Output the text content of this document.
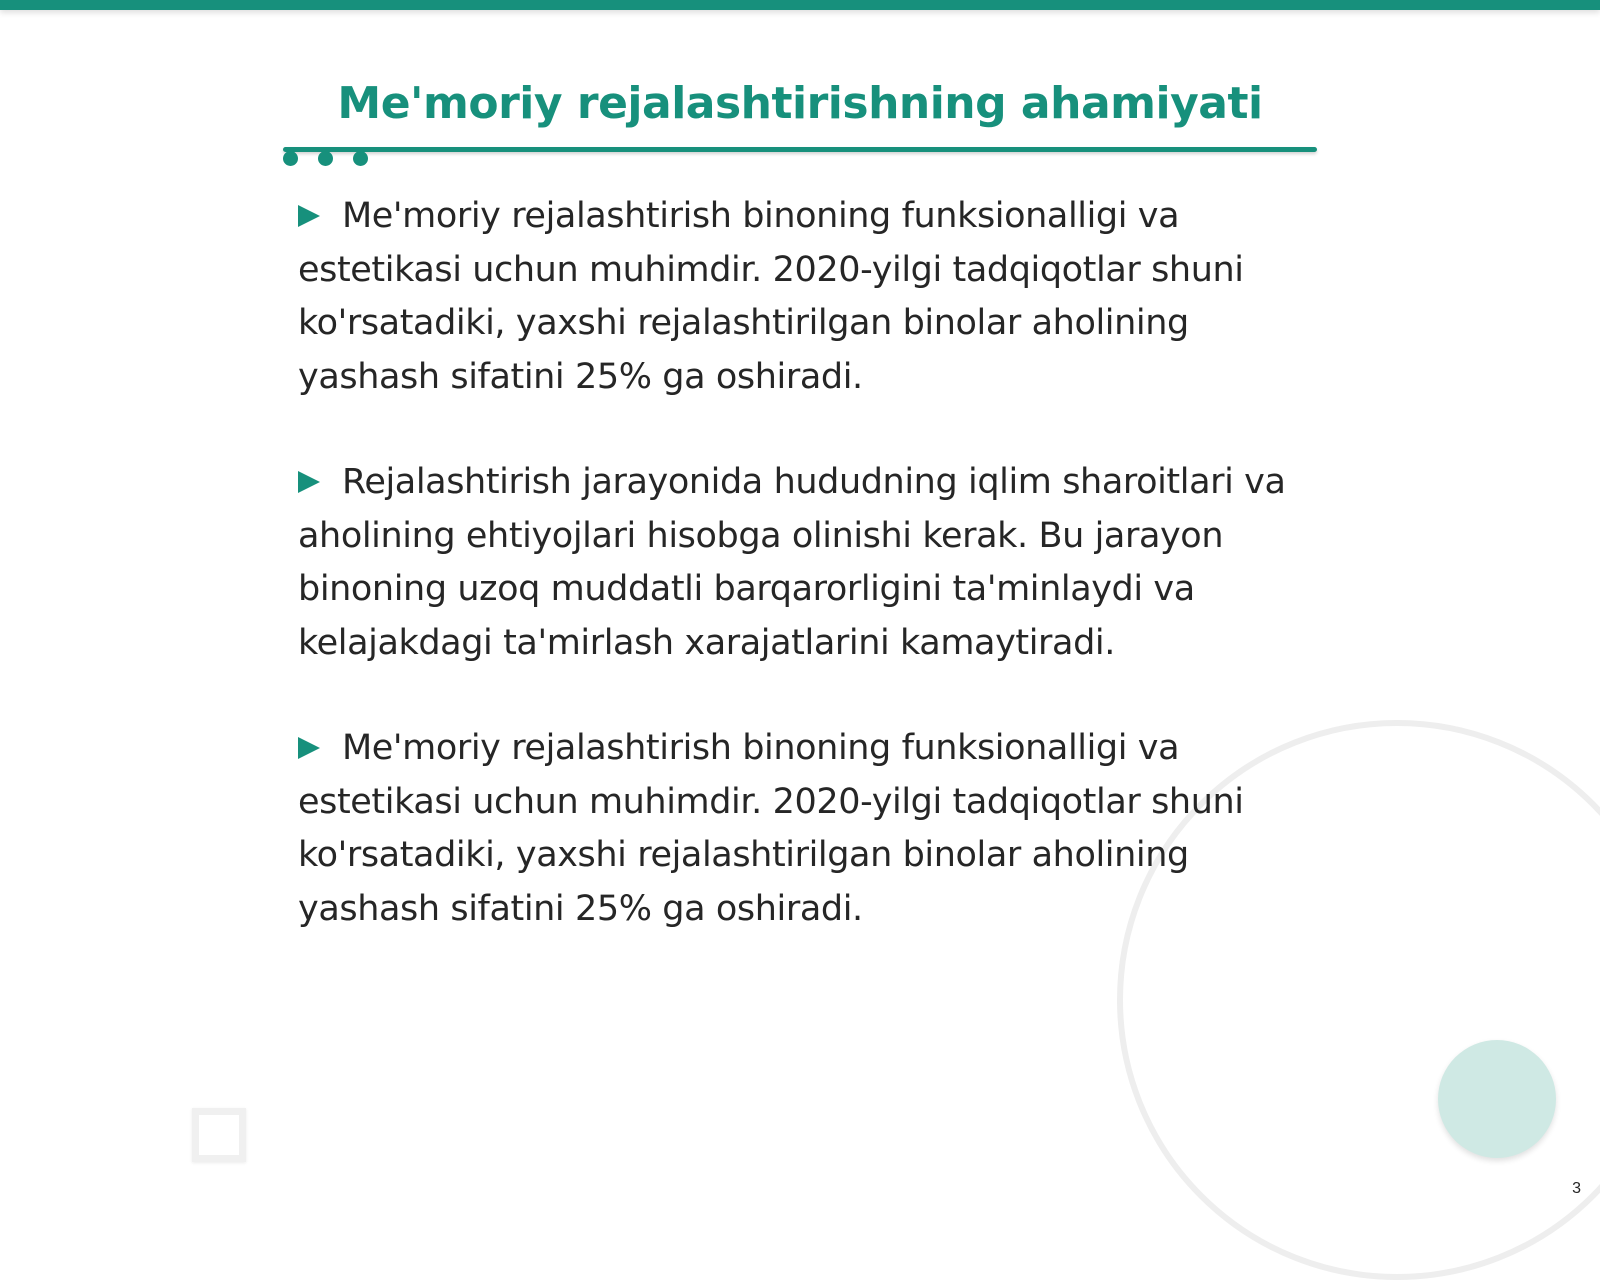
Me'moriy rejalashtirishning ahamiyati

Me'moriy rejalashtirish binoning funksionalligi va estetikasi uchun muhimdir. 2020-yilgi tadqiqotlar shuni ko'rsatadiki, yaxshi rejalashtirilgan binolar aholining yashash sifatini 25% ga oshiradi.

Rejalashtirish jarayonida hududning iqlim sharoitlari va aholining ehtiyojlari hisobga olinishi kerak. Bu jarayon binoning uzoq muddatli barqarorligini ta'minlaydi va kelajakdagi ta'mirlash xarajatlarini kamaytiradi.

Me'moriy rejalashtirish binoning funksionalligi va estetikasi uchun muhimdir. 2020-yilgi tadqiqotlar shuni ko'rsatadiki, yaxshi rejalashtirilgan binolar aholining yashash sifatini 25% ga oshiradi.

3
